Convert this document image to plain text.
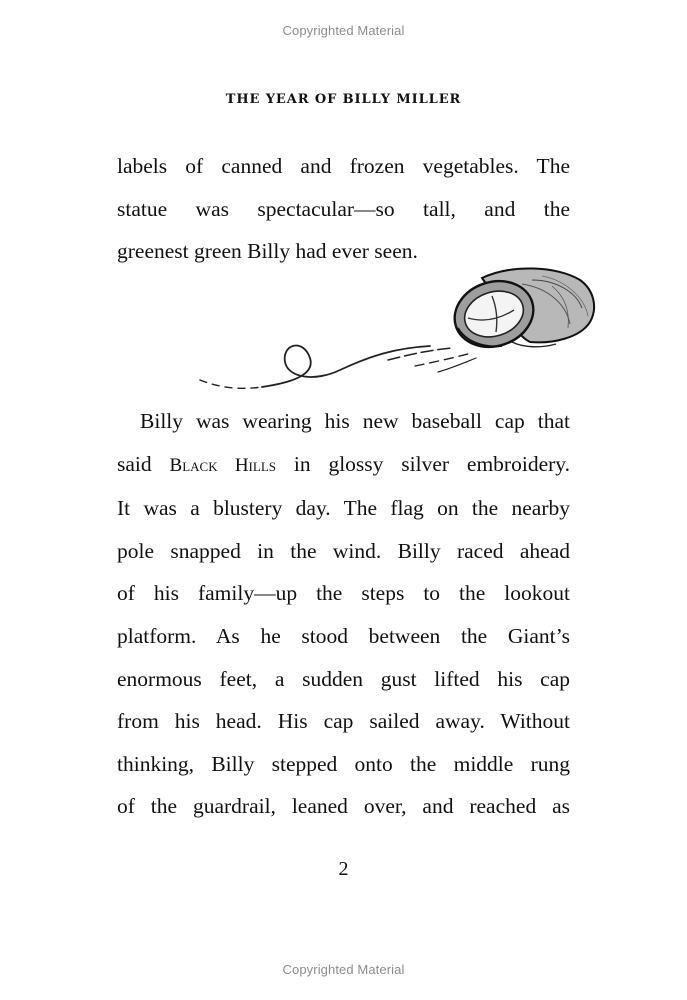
Copyrighted Material
THE YEAR OF BILLY MILLER

labels of canned and frozen vegetables. The
statue was spectacular—so tall, and the
greenest green Billy had ever seen.

Billy was wearing his new baseball cap that
said Black Hills in glossy silver embroidery.
It was a blustery day. The flag on the nearby
pole snapped in the wind. Billy raced ahead
of his family—up the steps to the lookout
platform. As he stood between the Giant’s
enormous feet, a sudden gust lifted his cap
from his head. His cap sailed away. Without
thinking, Billy stepped onto the middle rung
of the guardrail, leaned over, and reached as

2
Copyrighted Material
